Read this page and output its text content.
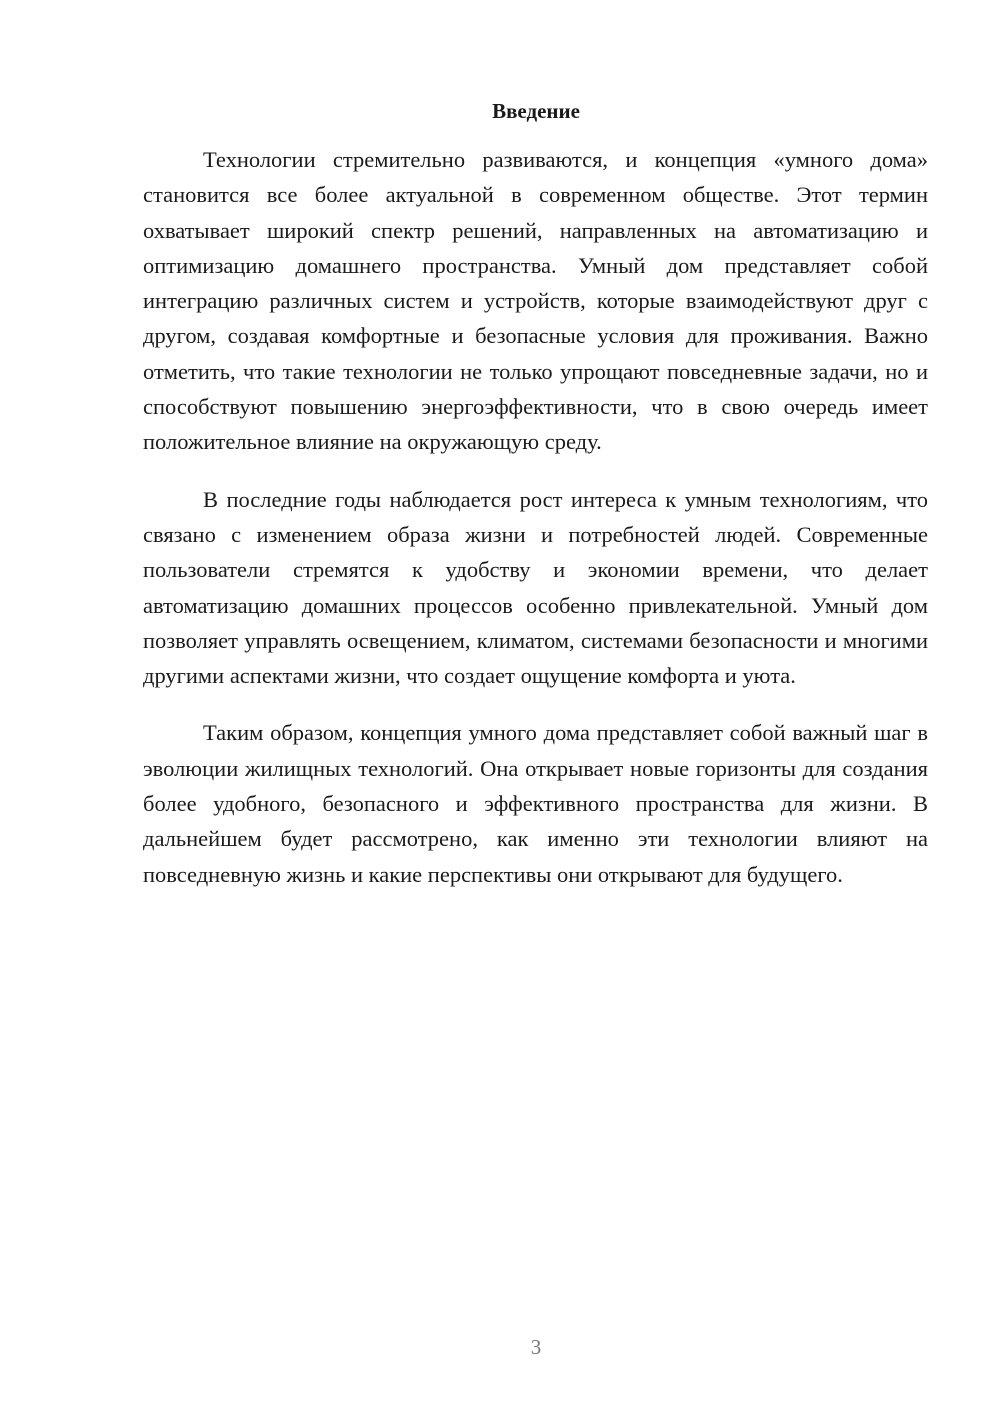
Введение

Технологии стремительно развиваются, и концепция «умного дома» становится все более актуальной в современном обществе. Этот термин охватывает широкий спектр решений, направленных на автоматизацию и оптимизацию домашнего пространства. Умный дом представляет собой интеграцию различных систем и устройств, которые взаимодействуют друг с другом, создавая комфортные и безопасные условия для проживания. Важно отметить, что такие технологии не только упрощают повседневные задачи, но и способствуют повышению энергоэффективности, что в свою очередь имеет положительное влияние на окружающую среду.

В последние годы наблюдается рост интереса к умным технологиям, что связано с изменением образа жизни и потребностей людей. Современные пользователи стремятся к удобству и экономии времени, что делает автоматизацию домашних процессов особенно привлекательной. Умный дом позволяет управлять освещением, климатом, системами безопасности и многими другими аспектами жизни, что создает ощущение комфорта и уюта.

Таким образом, концепция умного дома представляет собой важный шаг в эволюции жилищных технологий. Она открывает новые горизонты для создания более удобного, безопасного и эффективного пространства для жизни. В дальнейшем будет рассмотрено, как именно эти технологии влияют на повседневную жизнь и какие перспективы они открывают для будущего.

3
